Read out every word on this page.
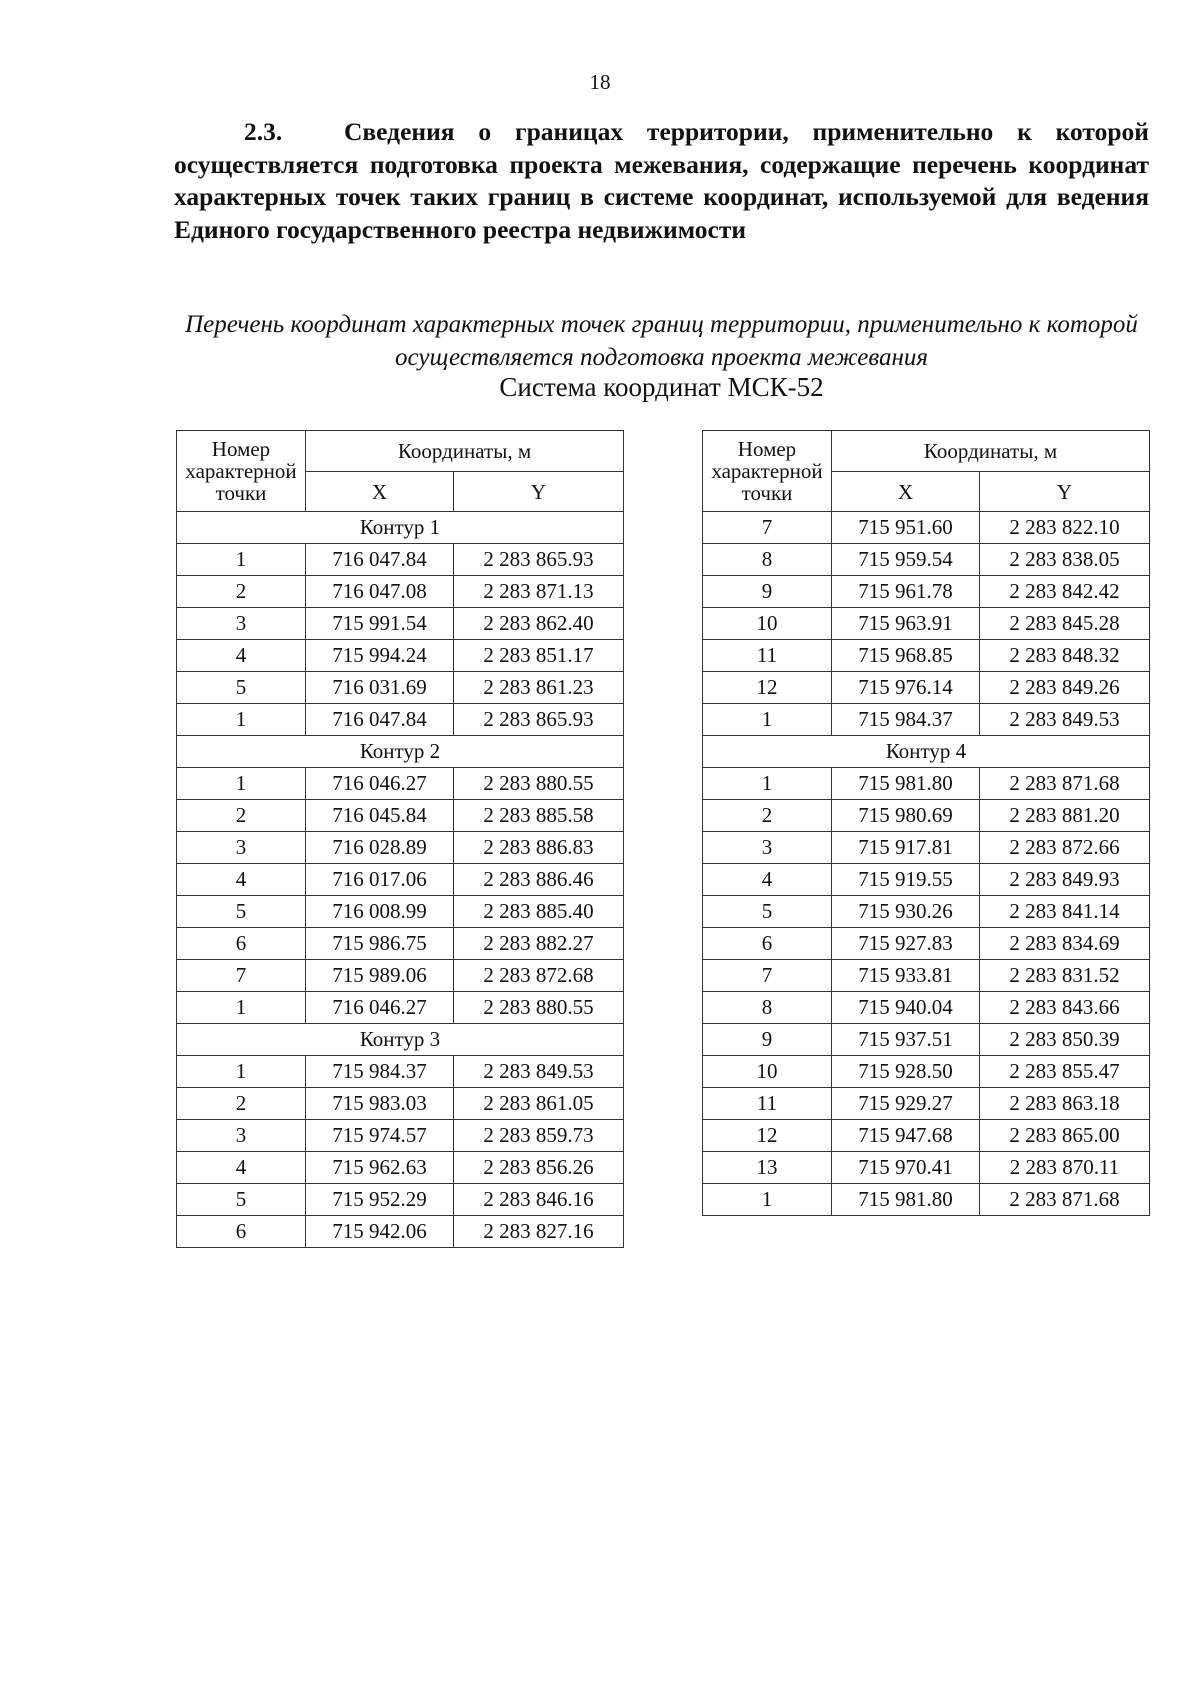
18
2.3. Сведения о границах территории, применительно к которой осуществляется подготовка проекта межевания, содержащие перечень координат характерных точек таких границ в системе координат, используемой для ведения Единого государственного реестра недвижимости
Перечень координат характерных точек границ территории, применительно к которой осуществляется подготовка проекта межевания
Система координат МСК-52
Номер характерной точки	Координаты, м	
	X	Y
Контур 1		
1	716 047.84	2 283 865.93
2	716 047.08	2 283 871.13
3	715 991.54	2 283 862.40
4	715 994.24	2 283 851.17
5	716 031.69	2 283 861.23
1	716 047.84	2 283 865.93
Контур 2		
1	716 046.27	2 283 880.55
2	716 045.84	2 283 885.58
3	716 028.89	2 283 886.83
4	716 017.06	2 283 886.46
5	716 008.99	2 283 885.40
6	715 986.75	2 283 882.27
7	715 989.06	2 283 872.68
1	716 046.27	2 283 880.55
Контур 3		
1	715 984.37	2 283 849.53
2	715 983.03	2 283 861.05
3	715 974.57	2 283 859.73
4	715 962.63	2 283 856.26
5	715 952.29	2 283 846.16
6	715 942.06	2 283 827.16
Номер характерной точки	Координаты, м	
	X	Y
7	715 951.60	2 283 822.10
8	715 959.54	2 283 838.05
9	715 961.78	2 283 842.42
10	715 963.91	2 283 845.28
11	715 968.85	2 283 848.32
12	715 976.14	2 283 849.26
1	715 984.37	2 283 849.53
Контур 4		
1	715 981.80	2 283 871.68
2	715 980.69	2 283 881.20
3	715 917.81	2 283 872.66
4	715 919.55	2 283 849.93
5	715 930.26	2 283 841.14
6	715 927.83	2 283 834.69
7	715 933.81	2 283 831.52
8	715 940.04	2 283 843.66
9	715 937.51	2 283 850.39
10	715 928.50	2 283 855.47
11	715 929.27	2 283 863.18
12	715 947.68	2 283 865.00
13	715 970.41	2 283 870.11
1	715 981.80	2 283 871.68
